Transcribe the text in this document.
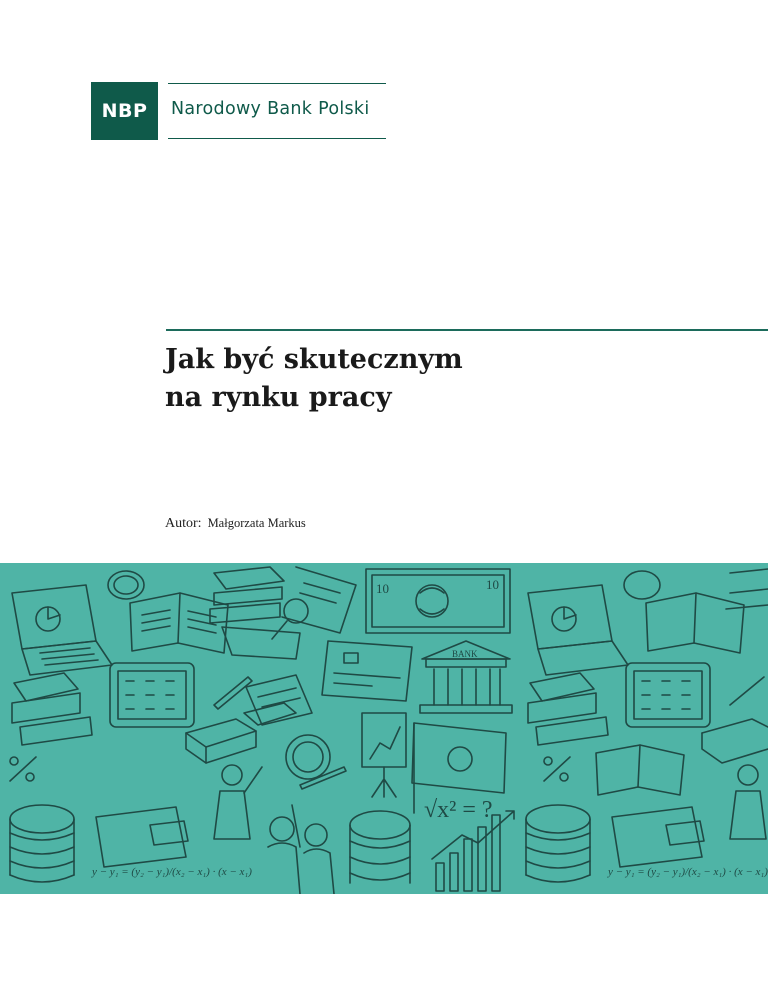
NBP	Narodowy Bank Polski
Jak być skutecznym
na rynku pracy
Autor: Małgorzata Markus
10	10
BANK
√x² = ?
y − y₁ = (y₂ − y₁)/(x₂ − x₁) · (x − x₁)	y − y₁ = (y₂ − y₁)/(x₂ − x₁) · (x − x₁)
